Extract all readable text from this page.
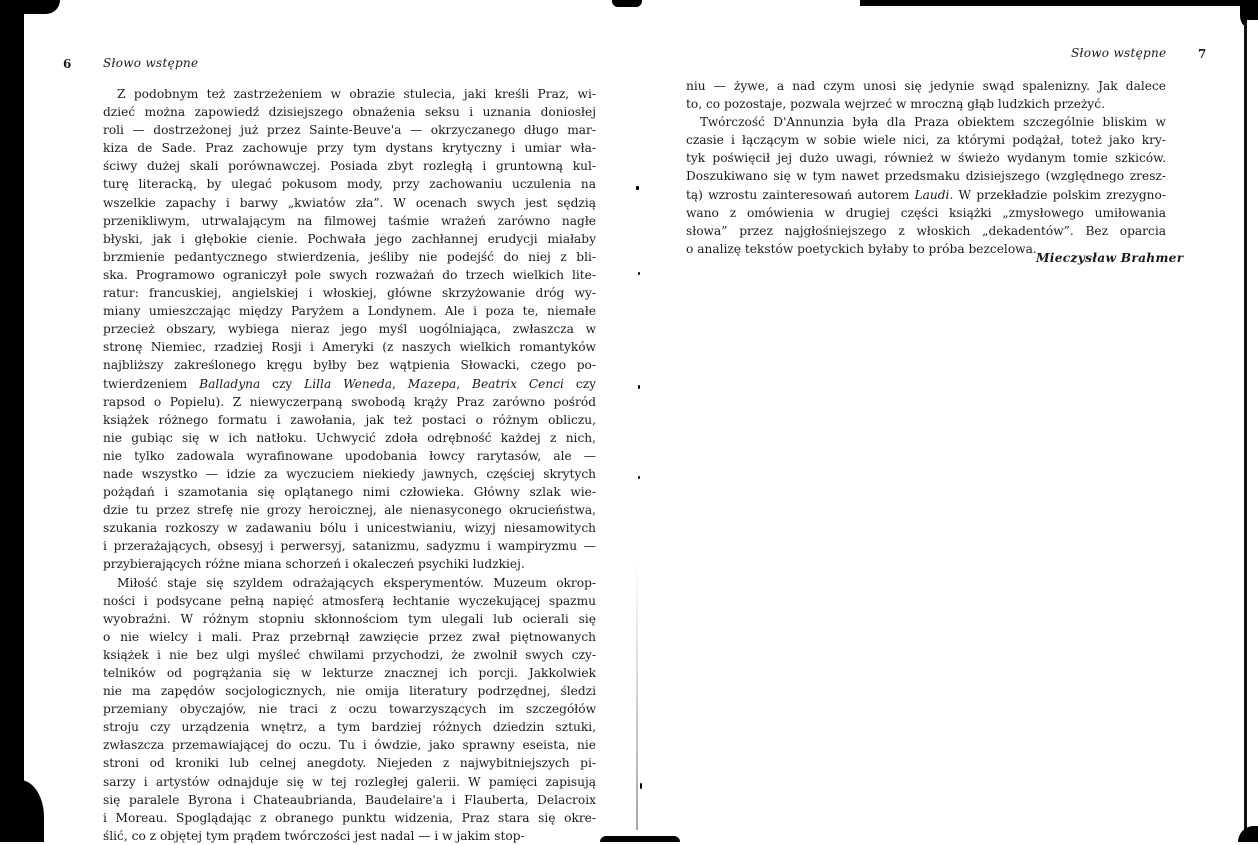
6	Słowo wstępne
Z podobnym też zastrzeżeniem w obrazie stulecia, jaki kreśli Praz, wi-
dzieć można zapowiedź dzisiejszego obnażenia seksu i uznania doniosłej
roli — dostrzeżonej już przez Sainte-Beuve'a — okrzyczanego długo mar-
kiza de Sade. Praz zachowuje przy tym dystans krytyczny i umiar wła-
ściwy dużej skali porównawczej. Posiada zbyt rozległą i gruntowną kul-
turę literacką, by ulegać pokusom mody, przy zachowaniu uczulenia na
wszelkie zapachy i barwy „kwiatów zła”. W ocenach swych jest sędzią
przenikliwym, utrwalającym na filmowej taśmie wrażeń zarówno nagłe
błyski, jak i głębokie cienie. Pochwała jego zachłannej erudycji miałaby
brzmienie pedantycznego stwierdzenia, jeśliby nie podejść do niej z bli-
ska. Programowo ograniczył pole swych rozważań do trzech wielkich lite-
ratur: francuskiej, angielskiej i włoskiej, główne skrzyżowanie dróg wy-
miany umieszczając między Paryżem a Londynem. Ale i poza te, niemałe
przecież obszary, wybiega nieraz jego myśl uogólniająca, zwłaszcza w
stronę Niemiec, rzadziej Rosji i Ameryki (z naszych wielkich romantyków
najbliższy zakreślonego kręgu byłby bez wątpienia Słowacki, czego po-
twierdzeniem Balladyna czy Lilla Weneda, Mazepa, Beatrix Cenci czy
rapsod o Popielu). Z niewyczerpaną swobodą krąży Praz zarówno pośród
książek różnego formatu i zawołania, jak też postaci o różnym obliczu,
nie gubiąc się w ich natłoku. Uchwycić zdoła odrębność każdej z nich,
nie tylko zadowala wyrafinowane upodobania łowcy rarytasów, ale —
nade wszystko — idzie za wyczuciem niekiedy jawnych, częściej skrytych
pożądań i szamotania się oplątanego nimi człowieka. Główny szlak wie-
dzie tu przez strefę nie grozy heroicznej, ale nienasyconego okrucieństwa,
szukania rozkoszy w zadawaniu bólu i unicestwianiu, wizyj niesamowitych
i przerażających, obsesyj i perwersyj, satanizmu, sadyzmu i wampiryzmu —
przybierających różne miana schorzeń i okaleczeń psychiki ludzkiej.
Miłość staje się szyldem odrażających eksperymentów. Muzeum okrop-
ności i podsycane pełną napięć atmosferą łechtanie wyczekującej spazmu
wyobraźni. W różnym stopniu skłonnościom tym ulegali lub ocierali się
o nie wielcy i mali. Praz przebrnął zawzięcie przez zwał piętnowanych
książek i nie bez ulgi myśleć chwilami przychodzi, że zwolnił swych czy-
telników od pogrążania się w lekturze znacznej ich porcji. Jakkolwiek
nie ma zapędów socjologicznych, nie omija literatury podrzędnej, śledzi
przemiany obyczajów, nie traci z oczu towarzyszących im szczegółów
stroju czy urządzenia wnętrz, a tym bardziej różnych dziedzin sztuki,
zwłaszcza przemawiającej do oczu. Tu i ówdzie, jako sprawny eseista, nie
stroni od kroniki lub celnej anegdoty. Niejeden z najwybitniejszych pi-
sarzy i artystów odnajduje się w tej rozległej galerii. W pamięci zapisują
się paralele Byrona i Chateaubrianda, Baudelaire'a i Flauberta, Delacroix
i Moreau. Spoglądając z obranego punktu widzenia, Praz stara się okre-
ślić, co z objętej tym prądem twórczości jest nadal — i w jakim stop-
Słowo wstępne	7
niu — żywe, a nad czym unosi się jedynie swąd spalenizny. Jak dalece
to, co pozostaje, pozwala wejrzeć w mroczną głąb ludzkich przeżyć.
Twórczość D'Annunzia była dla Praza obiektem szczególnie bliskim w
czasie i łączącym w sobie wiele nici, za którymi podążał, toteż jako kry-
tyk poświęcił jej dużo uwagi, również w świeżo wydanym tomie szkiców.
Doszukiwano się w tym nawet przedsmaku dzisiejszego (względnego zresz-
tą) wzrostu zainteresowań autorem Laudi. W przekładzie polskim zrezygno-
wano z omówienia w drugiej części książki „zmysłowego umiłowania
słowa” przez najgłośniejszego z włoskich „dekadentów”. Bez oparcia
o analizę tekstów poetyckich byłaby to próba bezcelowa.
Mieczysław Brahmer
